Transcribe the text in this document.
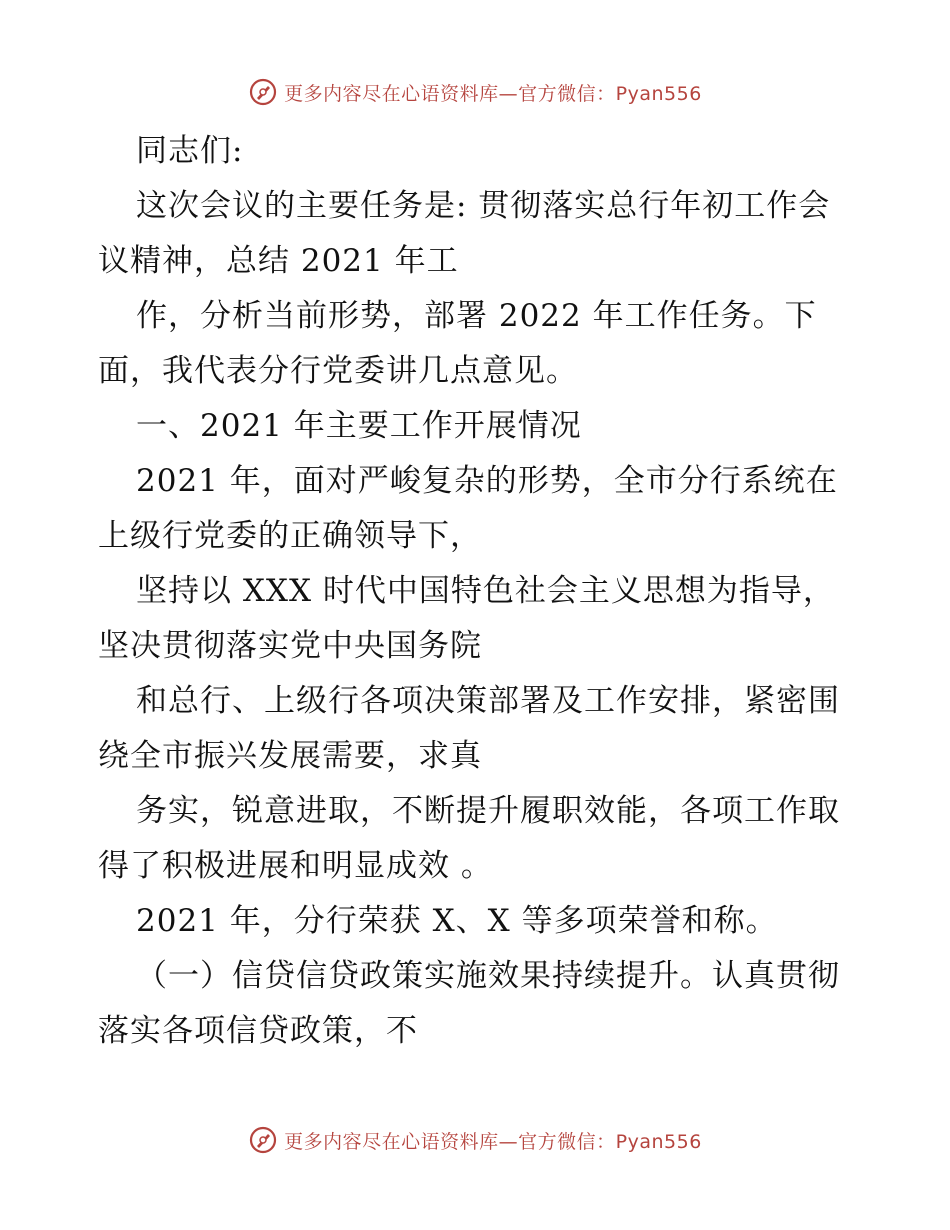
更多内容尽在心语资料库—官方微信：Pyan556

同志们:

这次会议的主要任务是: 贯彻落实总行年初工作会议精神，总结 2021 年工

作，分析当前形势，部署 2022 年工作任务。下面，我代表分行党委讲几点意见。

一、2021 年主要工作开展情况

2021 年，面对严峻复杂的形势，全市分行系统在上级行党委的正确领导下，

坚持以 XXX 时代中国特色社会主义思想为指导，坚决贯彻落实党中央国务院

和总行、上级行各项决策部署及工作安排，紧密围绕全市振兴发展需要，求真

务实，锐意进取，不断提升履职效能，各项工作取得了积极进展和明显成效 。

2021 年，分行荣获 X、X 等多项荣誉和称。

（一）信贷信贷政策实施效果持续提升。认真贯彻落实各项信贷政策，不

更多内容尽在心语资料库—官方微信：Pyan556
